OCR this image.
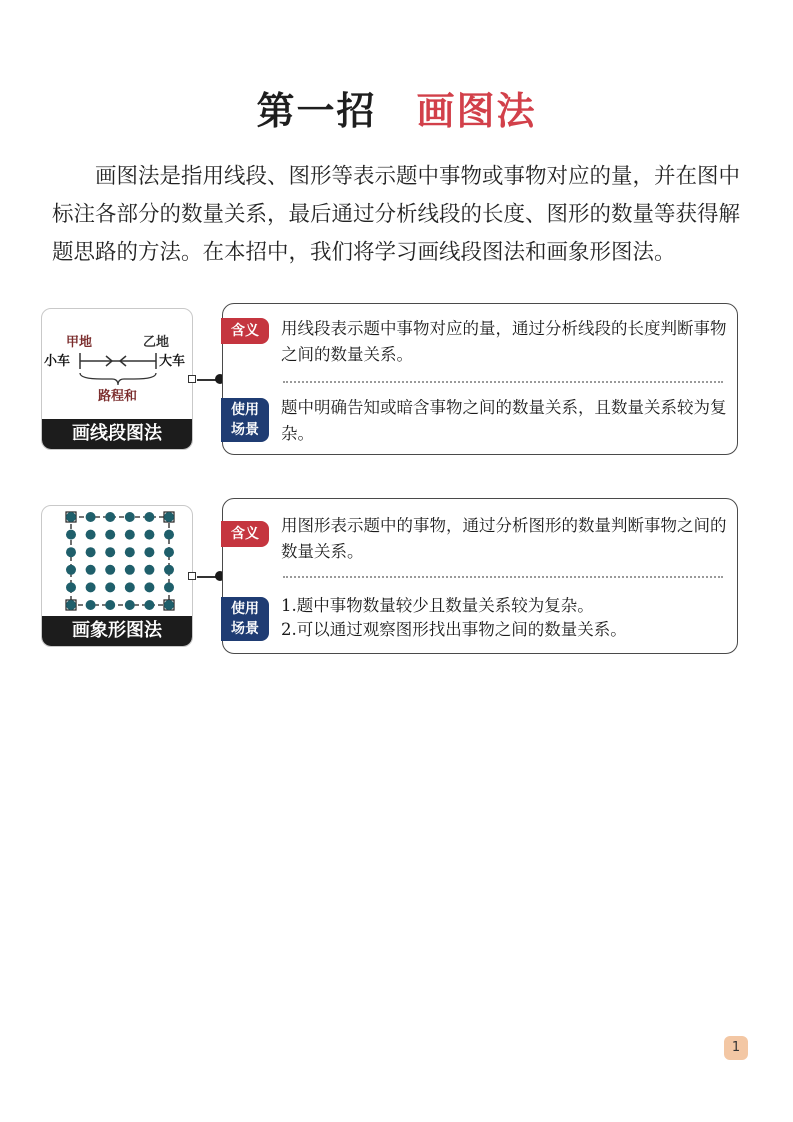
第一招 画图法
画图法是指用线段、图形等表示题中事物或事物对应的量，并在图中标注各部分的数量关系，最后通过分析线段的长度、图形的数量等获得解题思路的方法。在本招中，我们将学习画线段图法和画象形图法。
甲地	乙地
小车	大车
路程和
画线段图法
含义	用线段表示题中事物对应的量，通过分析线段的长度判断事物之间的数量关系。
使用
场景
题中明确告知或暗含事物之间的数量关系，且数量关系较为复杂。
画象形图法
含义	用图形表示题中的事物，通过分析图形的数量判断事物之间的数量关系。
使用
场景
1.题中事物数量较少且数量关系较为复杂。
2.可以通过观察图形找出事物之间的数量关系。
1
